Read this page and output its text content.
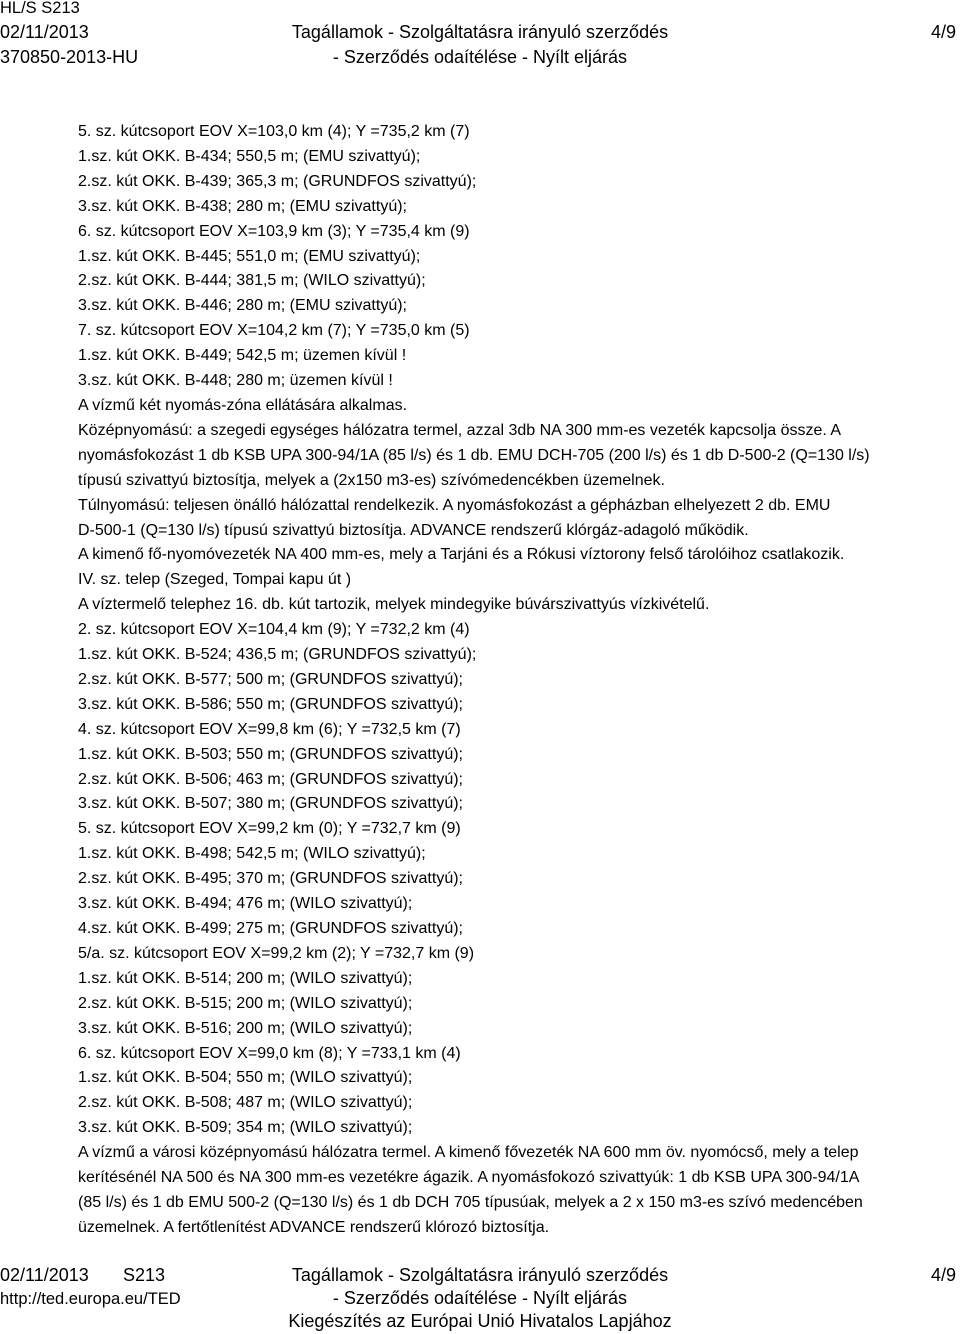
HL/S S213
02/11/2013
370850-2013-HU
Tagállamok - Szolgáltatásra irányuló szerződés
- Szerződés odaítélése - Nyílt eljárás
4/9
5. sz. kútcsoport EOV X=103,0 km (4); Y =735,2 km (7)
1.sz. kút OKK. B-434; 550,5 m; (EMU szivattyú);
2.sz. kút OKK. B-439; 365,3 m; (GRUNDFOS szivattyú);
3.sz. kút OKK. B-438; 280 m; (EMU szivattyú);
6. sz. kútcsoport EOV X=103,9 km (3); Y =735,4 km (9)
1.sz. kút OKK. B-445; 551,0 m; (EMU szivattyú);
2.sz. kút OKK. B-444; 381,5 m; (WILO szivattyú);
3.sz. kút OKK. B-446; 280 m; (EMU szivattyú);
7. sz. kútcsoport EOV X=104,2 km (7); Y =735,0 km (5)
1.sz. kút OKK. B-449; 542,5 m; üzemen kívül !
3.sz. kút OKK. B-448; 280 m; üzemen kívül !
A vízmű két nyomás-zóna ellátására alkalmas.
Középnyomású: a szegedi egységes hálózatra termel, azzal 3db NA 300 mm-es vezeték kapcsolja össze. A
nyomásfokozást 1 db KSB UPA 300-94/1A (85 l/s) és 1 db. EMU DCH-705 (200 l/s) és 1 db D-500-2 (Q=130 l/s)
típusú szivattyú biztosítja, melyek a (2x150 m3-es) szívómedencékben üzemelnek.
Túlnyomású: teljesen önálló hálózattal rendelkezik. A nyomásfokozást a gépházban elhelyezett 2 db. EMU
D-500-1 (Q=130 l/s) típusú szivattyú biztosítja. ADVANCE rendszerű klórgáz-adagoló működik.
A kimenő fő-nyomóvezeték NA 400 mm-es, mely a Tarjáni és a Rókusi víztorony felső tárolóihoz csatlakozik.
IV. sz. telep (Szeged, Tompai kapu út )
A víztermelő telephez 16. db. kút tartozik, melyek mindegyike búvárszivattyús vízkivételű.
2. sz. kútcsoport EOV X=104,4 km (9); Y =732,2 km (4)
1.sz. kút OKK. B-524; 436,5 m; (GRUNDFOS szivattyú);
2.sz. kút OKK. B-577; 500 m; (GRUNDFOS szivattyú);
3.sz. kút OKK. B-586; 550 m; (GRUNDFOS szivattyú);
4. sz. kútcsoport EOV X=99,8 km (6); Y =732,5 km (7)
1.sz. kút OKK. B-503; 550 m; (GRUNDFOS szivattyú);
2.sz. kút OKK. B-506; 463 m; (GRUNDFOS szivattyú);
3.sz. kút OKK. B-507; 380 m; (GRUNDFOS szivattyú);
5. sz. kútcsoport EOV X=99,2 km (0); Y =732,7 km (9)
1.sz. kút OKK. B-498; 542,5 m; (WILO szivattyú);
2.sz. kút OKK. B-495; 370 m; (GRUNDFOS szivattyú);
3.sz. kút OKK. B-494; 476 m; (WILO szivattyú);
4.sz. kút OKK. B-499; 275 m; (GRUNDFOS szivattyú);
5/a. sz. kútcsoport EOV X=99,2 km (2); Y =732,7 km (9)
1.sz. kút OKK. B-514; 200 m; (WILO szivattyú);
2.sz. kút OKK. B-515; 200 m; (WILO szivattyú);
3.sz. kút OKK. B-516; 200 m; (WILO szivattyú);
6. sz. kútcsoport EOV X=99,0 km (8); Y =733,1 km (4)
1.sz. kút OKK. B-504; 550 m; (WILO szivattyú);
2.sz. kút OKK. B-508; 487 m; (WILO szivattyú);
3.sz. kút OKK. B-509; 354 m; (WILO szivattyú);
A vízmű a városi középnyomású hálózatra termel. A kimenő fővezeték NA 600 mm öv. nyomócső, mely a telep
kerítésénél NA 500 és NA 300 mm-es vezetékre ágazik. A nyomásfokozó szivattyúk: 1 db KSB UPA 300-94/1A
(85 l/s) és 1 db EMU 500-2 (Q=130 l/s) és 1 db DCH 705 típusúak, melyek a 2 x 150 m3-es szívó medencében
üzemelnek. A fertőtlenítést ADVANCE rendszerű klórozó biztosítja.
02/11/2013 S213
http://ted.europa.eu/TED
Tagállamok - Szolgáltatásra irányuló szerződés
- Szerződés odaítélése - Nyílt eljárás
Kiegészítés az Európai Unió Hivatalos Lapjához
4/9
